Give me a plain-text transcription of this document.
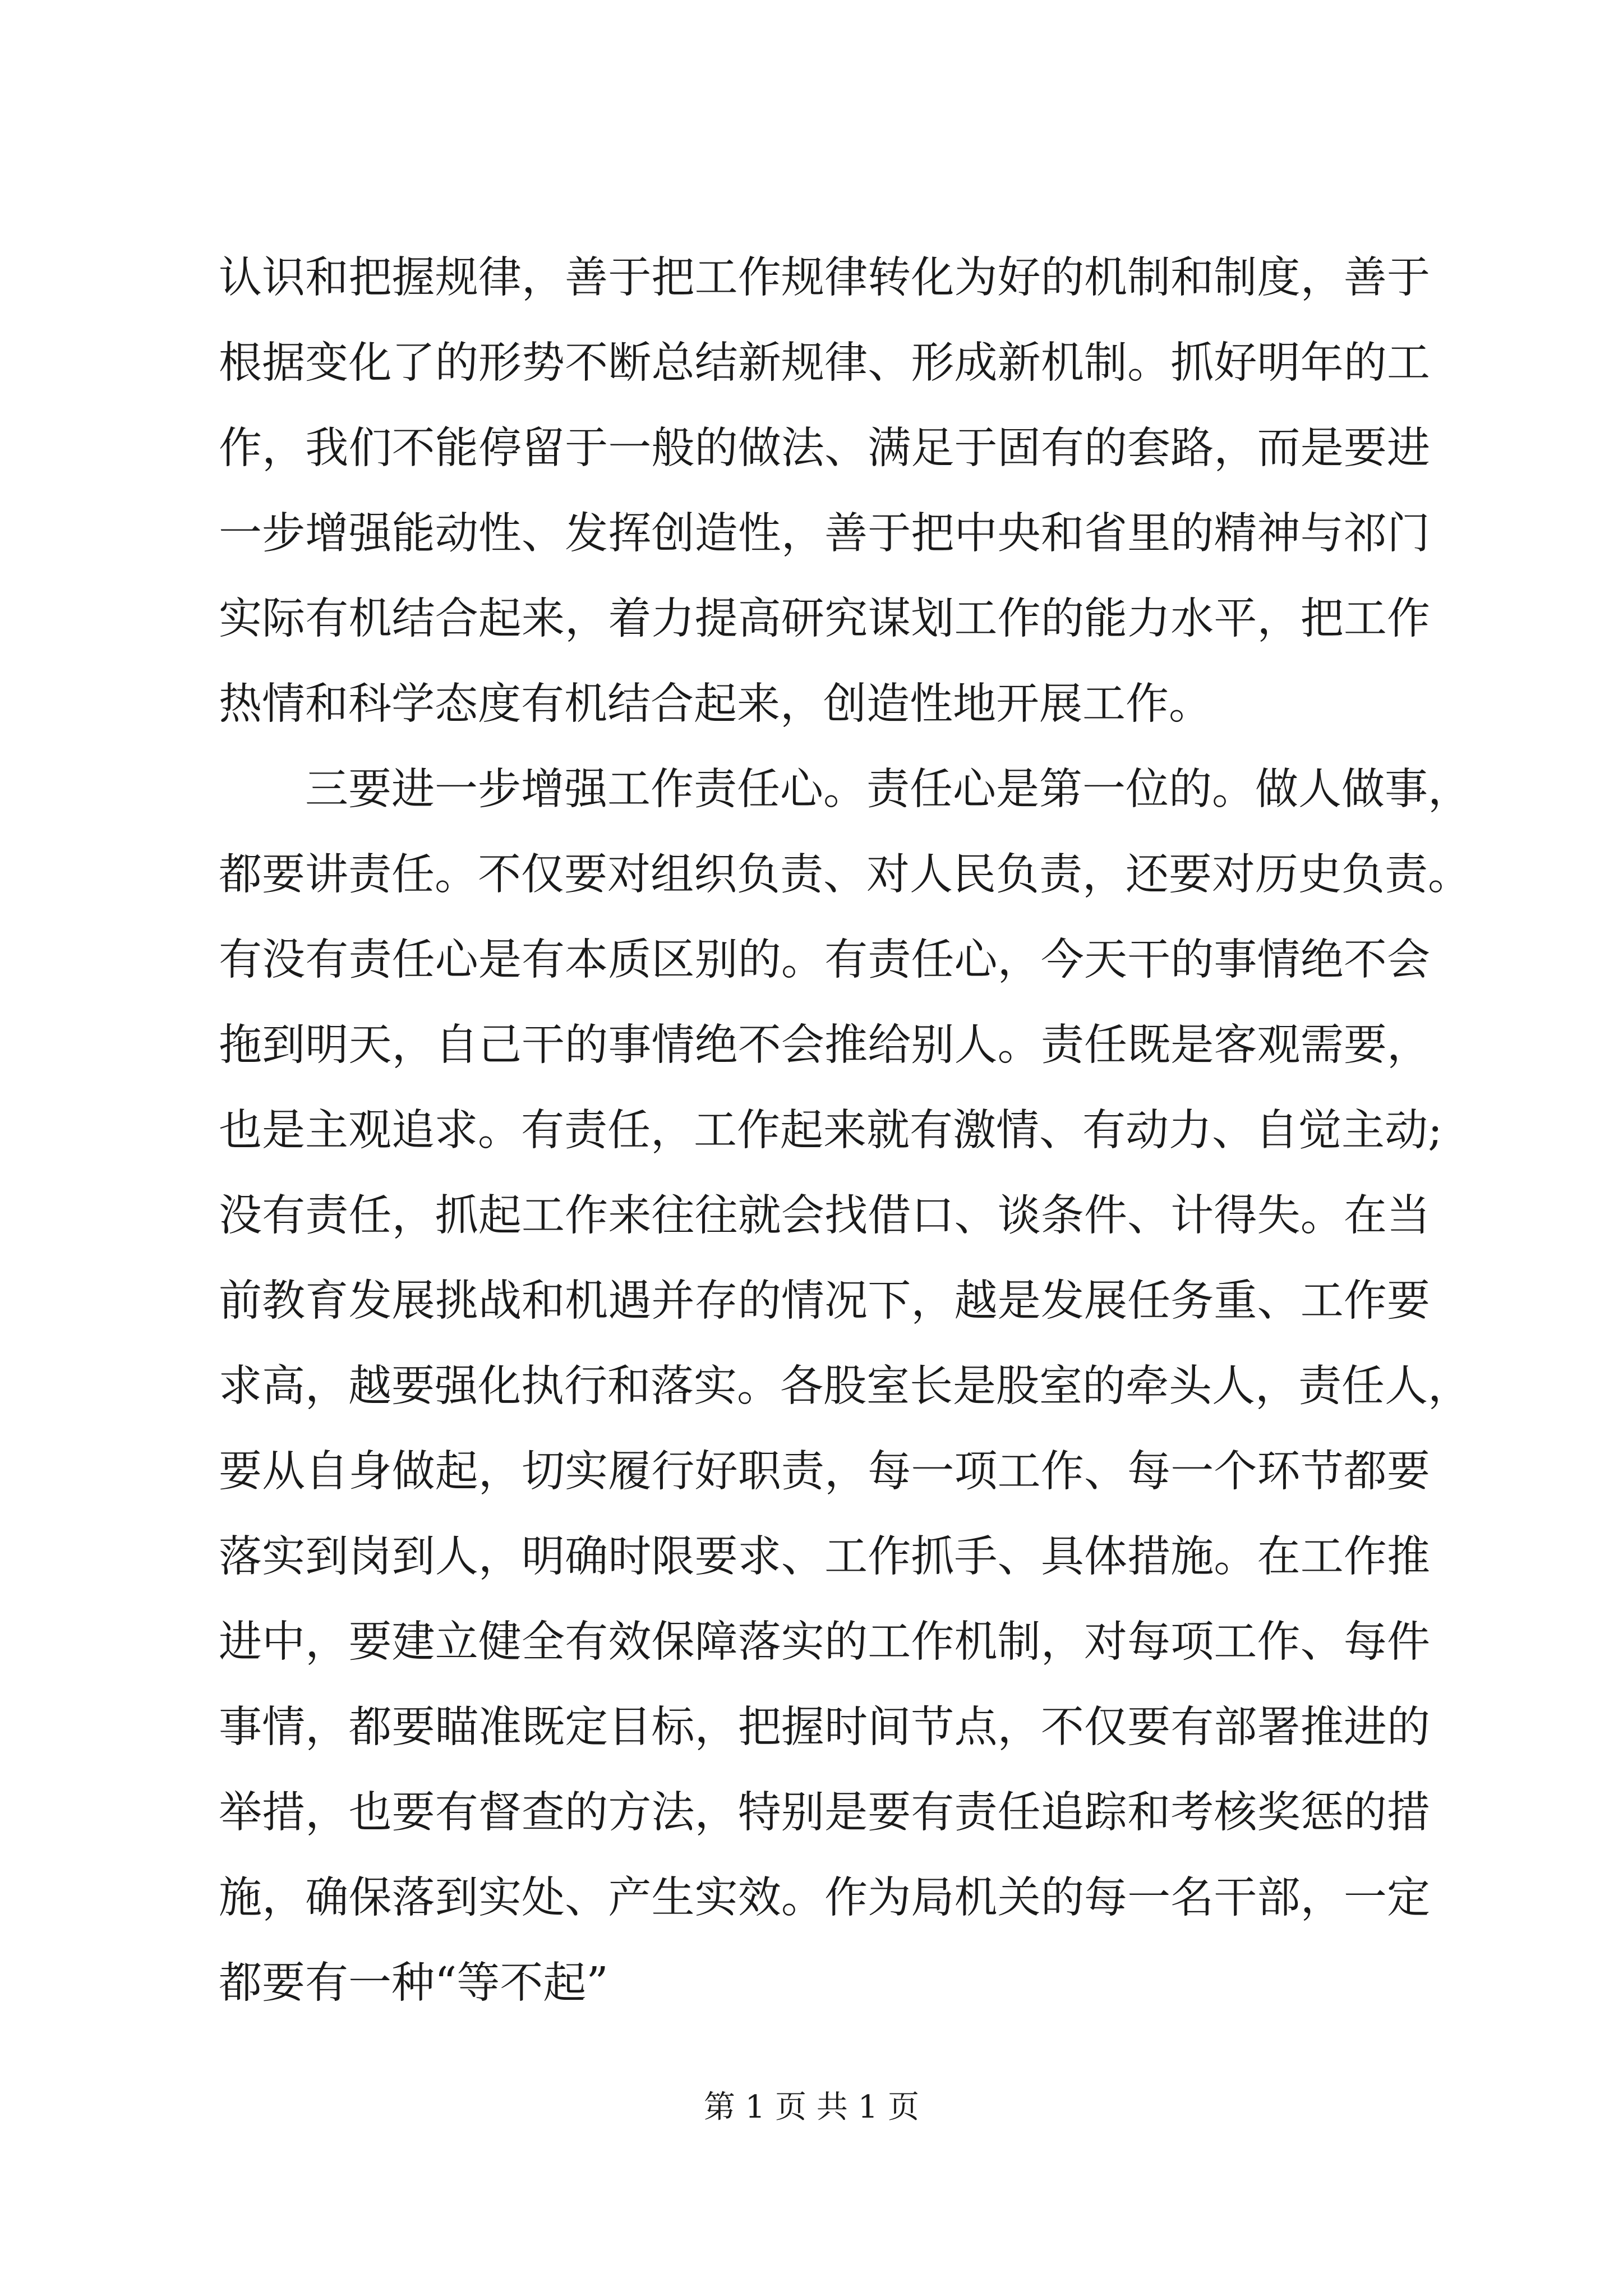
认识和把握规律，善于把工作规律转化为好的机制和制度，善于
根据变化了的形势不断总结新规律、形成新机制。抓好明年的工
作，我们不能停留于一般的做法、满足于固有的套路，而是要进
一步增强能动性、发挥创造性，善于把中央和省里的精神与祁门
实际有机结合起来，着力提高研究谋划工作的能力水平，把工作
热情和科学态度有机结合起来，创造性地开展工作。
三要进一步增强工作责任心。责任心是第一位的。做人做事，
都要讲责任。不仅要对组织负责、对人民负责，还要对历史负责。
有没有责任心是有本质区别的。有责任心，今天干的事情绝不会
拖到明天，自己干的事情绝不会推给别人。责任既是客观需要，
也是主观追求。有责任，工作起来就有激情、有动力、自觉主动;
没有责任，抓起工作来往往就会找借口、谈条件、计得失。在当
前教育发展挑战和机遇并存的情况下，越是发展任务重、工作要
求高，越要强化执行和落实。各股室长是股室的牵头人，责任人，
要从自身做起，切实履行好职责，每一项工作、每一个环节都要
落实到岗到人，明确时限要求、工作抓手、具体措施。在工作推
进中，要建立健全有效保障落实的工作机制，对每项工作、每件
事情，都要瞄准既定目标，把握时间节点，不仅要有部署推进的
举措，也要有督查的方法，特别是要有责任追踪和考核奖惩的措
施，确保落到实处、产生实效。作为局机关的每一名干部，一定
都要有一种“等不起”
第 1 页 共 1 页
